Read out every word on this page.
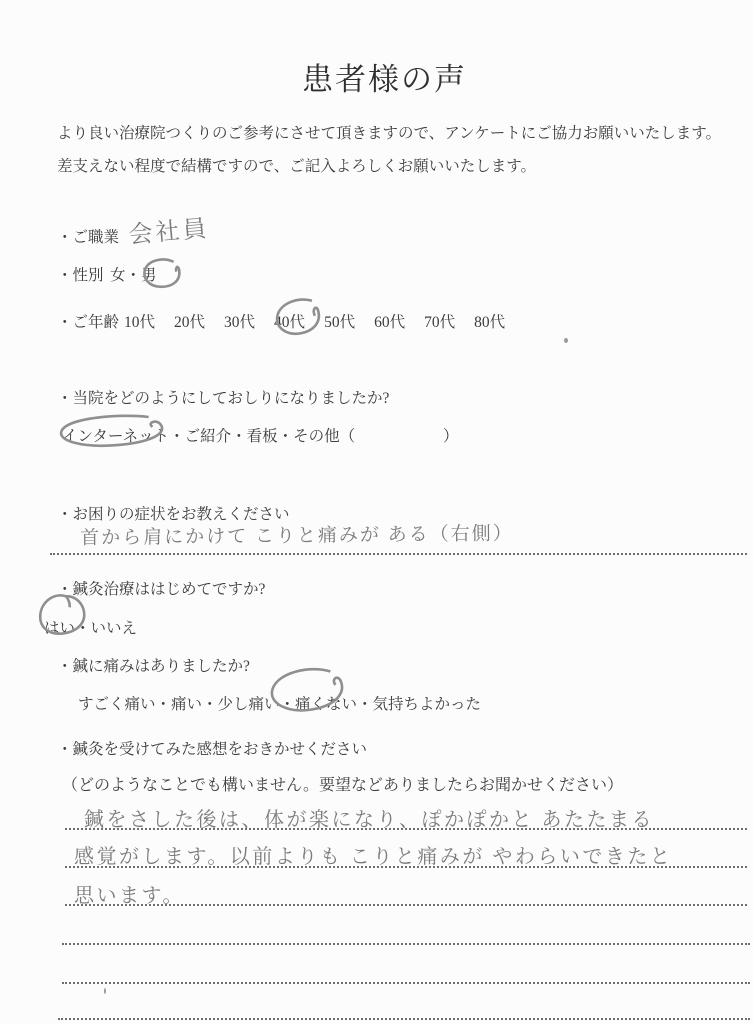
患者様の声
より良い治療院つくりのご参考にさせて頂きますので、アンケートにご協力お願いいたします。
差支えない程度で結構ですので、ご記入よろしくお願いいたします。
・ご職業 会社員
・性別 女・男
・ご年齢 10代 20代 30代 40代 50代 60代 70代 80代
・当院をどのようにしておしりになりましたか?
インターネット・ご紹介・看板・その他（	）
・お困りの症状をお教えください
首から肩にかけて こりと痛みが ある（右側）
・鍼灸治療ははじめてですか?
はい・いいえ
・鍼に痛みはありましたか?
すごく痛い・痛い・少し痛い・痛くない・気持ちよかった
・鍼灸を受けてみた感想をおきかせください
（どのようなことでも構いません。要望などありましたらお聞かせください）
鍼をさした後は、体が楽になり、ぽかぽかと あたたまる
感覚がします。以前よりも こりと痛みが やわらいできたと
思います。
